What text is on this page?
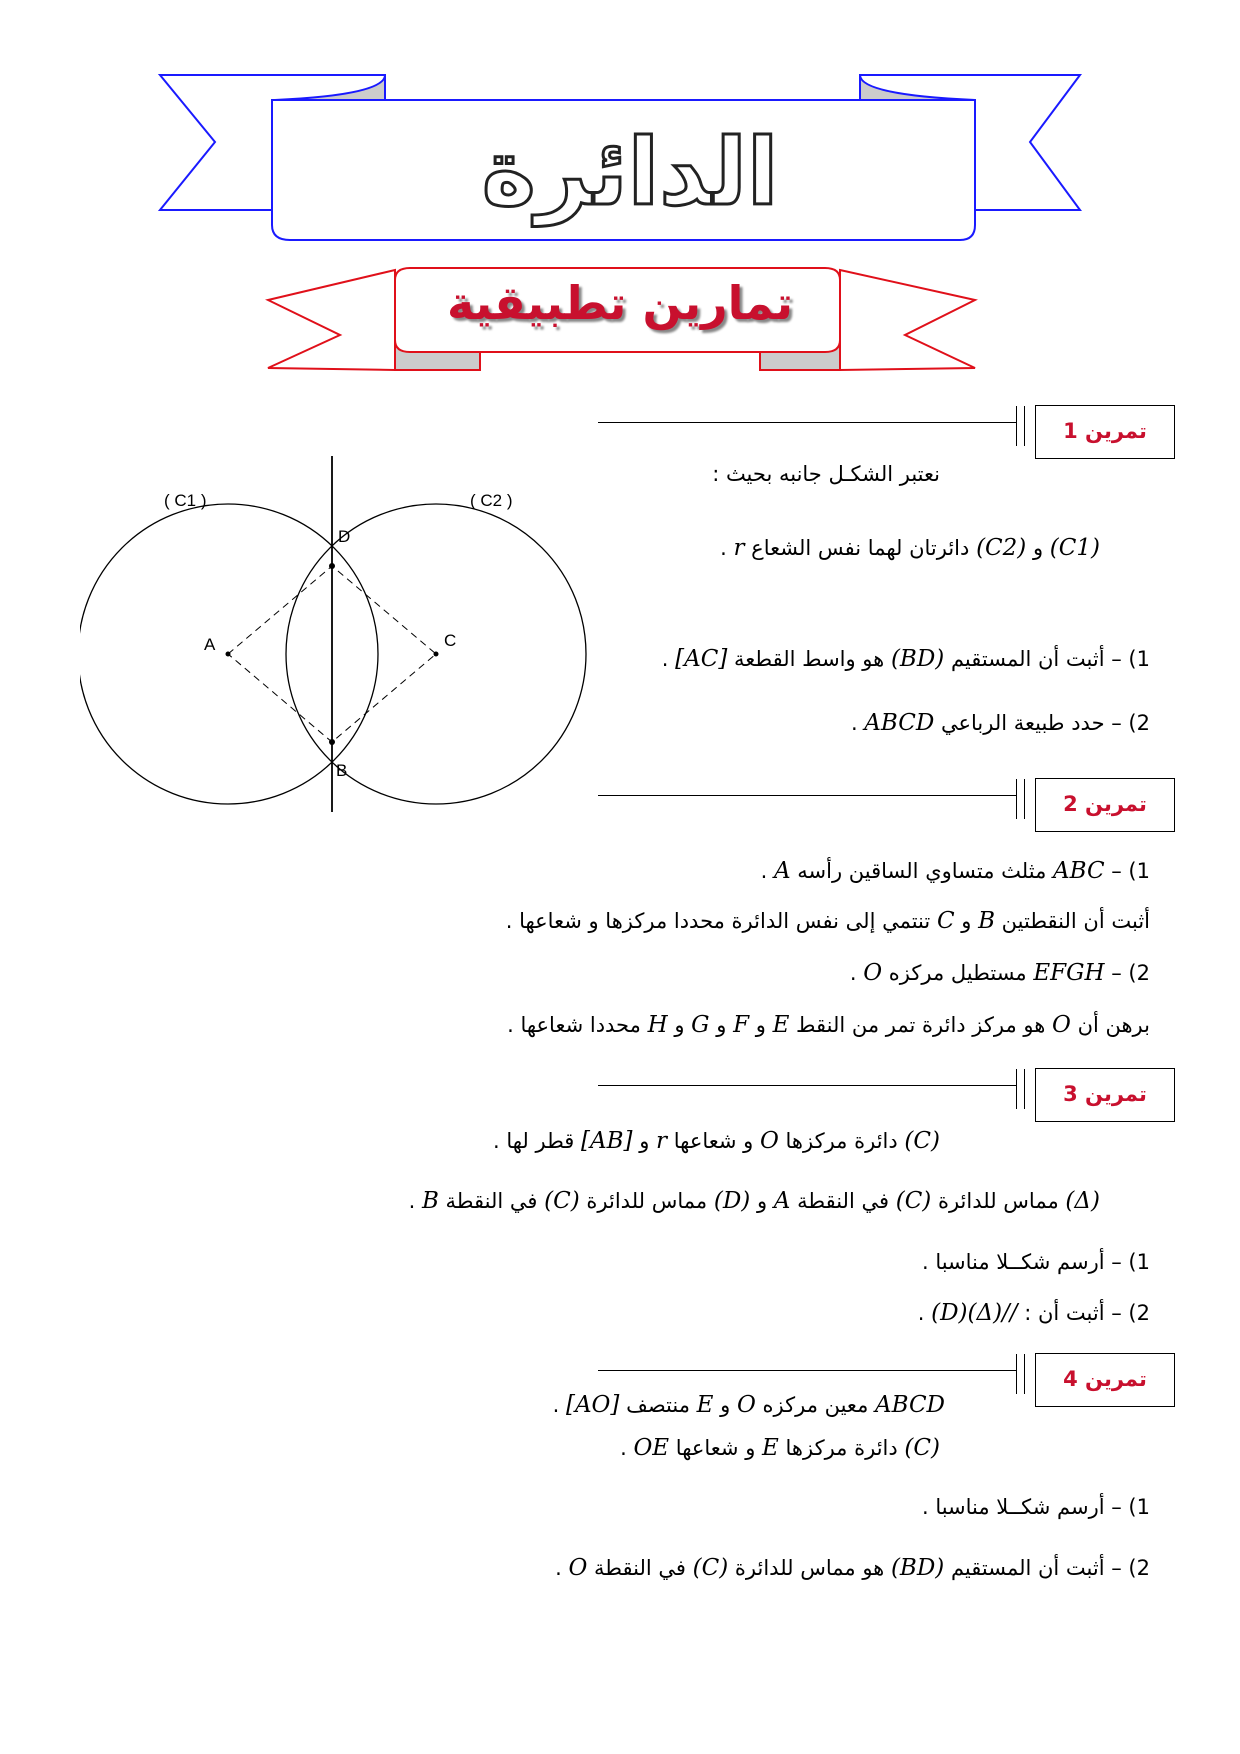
الدائرة
تمارين تطبيقية
تمرين 1
نعتبر الشكـل جانبه بحيث :
(C1) و (C2) دائرتان لهما نفس الشعاع r .
1) – أثبت أن المستقيم (BD) هو واسط القطعة [AC] .
2) – حدد طبيعة الرباعي ABCD .
( C1 )	( C2 )
A	C
D
B
تمرين 2
1) – ABC مثلث متساوي الساقين رأسه A .
أثبت أن النقطتين B و C تنتمي إلى نفس الدائرة محددا مركزها و شعاعها .
2) – EFGH مستطيل مركزه O .
برهن أن O هو مركز دائرة تمر من النقط E و F و G و H محددا شعاعها .
تمرين 3
(C) دائرة مركزها O و شعاعها r و [AB] قطر لها .
(Δ) مماس للدائرة (C) في النقطة A و (D) مماس للدائرة (C) في النقطة B .
1) – أرسم شكــلا مناسبا .
2) – أثبت أن : (D)(Δ)// .
تمرين 4
ABCD معين مركزه O و E منتصف [AO] .
(C) دائرة مركزها E و شعاعها OE .
1) – أرسم شكــلا مناسبا .
2) – أثبت أن المستقيم (BD) هو مماس للدائرة (C) في النقطة O .
